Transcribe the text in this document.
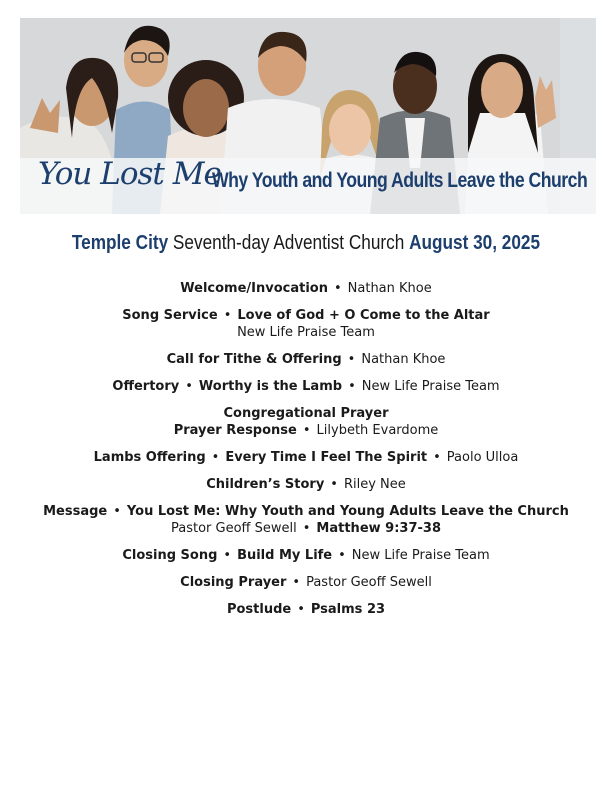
You Lost Me
Why Youth and Young Adults Leave the Church
Temple City Seventh-day Adventist Church August 30, 2025
Welcome/Invocation • Nathan Khoe
Song Service • Love of God + O Come to the Altar
New Life Praise Team
Call for Tithe & Offering • Nathan Khoe
Offertory • Worthy is the Lamb • New Life Praise Team
Congregational Prayer
Prayer Response • Lilybeth Evardome
Lambs Offering • Every Time I Feel The Spirit • Paolo Ulloa
Children’s Story • Riley Nee
Message • You Lost Me: Why Youth and Young Adults Leave the Church
Pastor Geoff Sewell • Matthew 9:37-38
Closing Song • Build My Life • New Life Praise Team
Closing Prayer • Pastor Geoff Sewell
Postlude • Psalms 23
